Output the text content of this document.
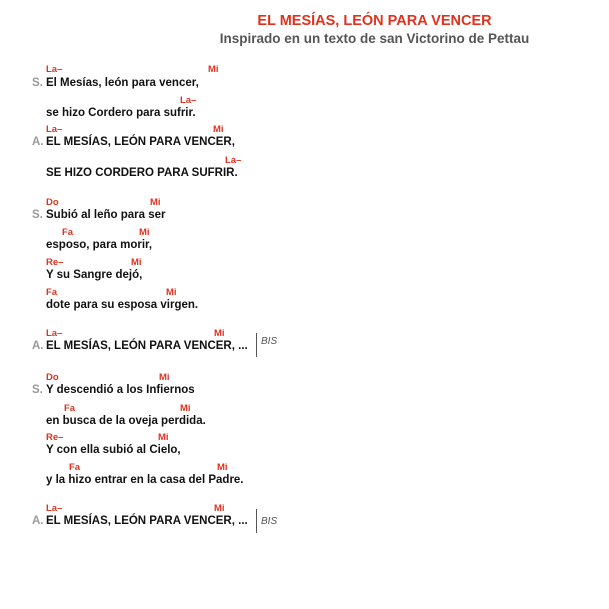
EL MESÍAS, LEÓN PARA VENCER
Inspirado en un texto de san Victorino de Pettau
La–	Mi
S. El Mesías, león para vencer,
La–
se hizo Cordero para sufrir.
La–	Mi
A. EL MESÍAS, LEÓN PARA VENCER,
La–
SE HIZO CORDERO PARA SUFRIR.
Do	Mi
S. Subió al leño para ser
Fa	Mi
esposo, para morir,
Re–	Mi
Y su Sangre dejó,
Fa	Mi
dote para su esposa virgen.
La–	Mi
A. EL MESÍAS, LEÓN PARA VENCER, ... BIS
Do	Mi
S. Y descendió a los Infiernos
Fa	Mi
en busca de la oveja perdida.
Re–	Mi
Y con ella subió al Cielo,
Fa	Mi
y la hizo entrar en la casa del Padre.
La–	Mi
A. EL MESÍAS, LEÓN PARA VENCER, ... BIS
